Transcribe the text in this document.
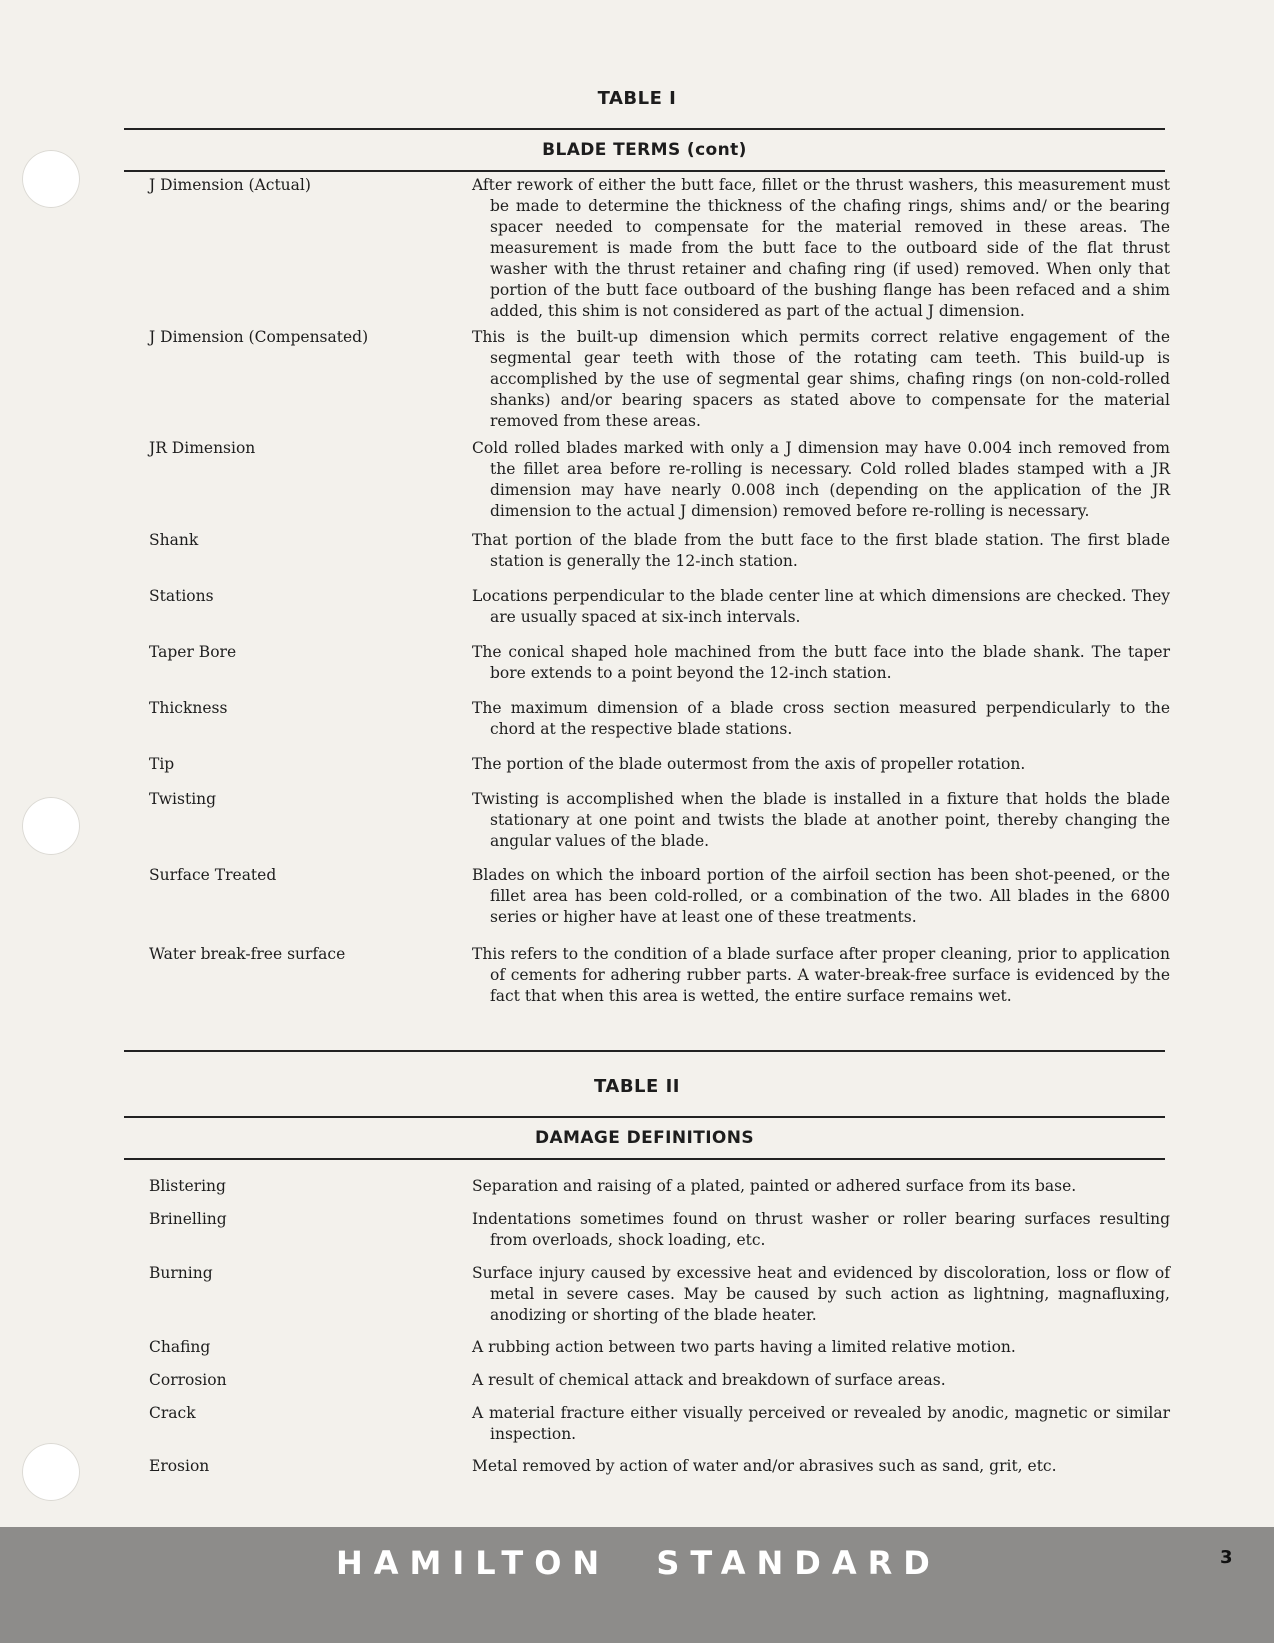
TABLE I
BLADE TERMS (cont)
J Dimension (Actual)	After rework of either the butt face, fillet or the thrust washers, this measurement must be made to determine the thickness of the chafing rings, shims and/ or the bearing spacer needed to compensate for the material removed in these areas. The measurement is made from the butt face to the outboard side of the flat thrust washer with the thrust retainer and chafing ring (if used) removed. When only that portion of the butt face outboard of the bushing flange has been refaced and a shim added, this shim is not considered as part of the actual J dimension.
J Dimension (Compensated)	This is the built-up dimension which permits correct relative engagement of the segmental gear teeth with those of the rotating cam teeth. This build-up is accomplished by the use of segmental gear shims, chafing rings (on non-cold-rolled shanks) and/or bearing spacers as stated above to compensate for the material removed from these areas.
JR Dimension	Cold rolled blades marked with only a J dimension may have 0.004 inch removed from the fillet area before re-rolling is necessary. Cold rolled blades stamped with a JR dimension may have nearly 0.008 inch (depending on the application of the JR dimension to the actual J dimension) removed before re-rolling is necessary.
Shank	That portion of the blade from the butt face to the first blade station. The first blade station is generally the 12-inch station.
Stations	Locations perpendicular to the blade center line at which dimensions are checked. They are usually spaced at six-inch intervals.
Taper Bore	The conical shaped hole machined from the butt face into the blade shank. The taper bore extends to a point beyond the 12-inch station.
Thickness	The maximum dimension of a blade cross section measured perpendicularly to the chord at the respective blade stations.
Tip	The portion of the blade outermost from the axis of propeller rotation.
Twisting	Twisting is accomplished when the blade is installed in a fixture that holds the blade stationary at one point and twists the blade at another point, thereby changing the angular values of the blade.
Surface Treated	Blades on which the inboard portion of the airfoil section has been shot-peened, or the fillet area has been cold-rolled, or a combination of the two. All blades in the 6800 series or higher have at least one of these treatments.
Water break-free surface	This refers to the condition of a blade surface after proper cleaning, prior to application of cements for adhering rubber parts. A water-break-free surface is evidenced by the fact that when this area is wetted, the entire surface remains wet.
TABLE II
DAMAGE DEFINITIONS
Blistering	Separation and raising of a plated, painted or adhered surface from its base.
Brinelling	Indentations sometimes found on thrust washer or roller bearing surfaces resulting from overloads, shock loading, etc.
Burning	Surface injury caused by excessive heat and evidenced by discoloration, loss or flow of metal in severe cases. May be caused by such action as lightning, magnafluxing, anodizing or shorting of the blade heater.
Chafing	A rubbing action between two parts having a limited relative motion.
Corrosion	A result of chemical attack and breakdown of surface areas.
Crack	A material fracture either visually perceived or revealed by anodic, magnetic or similar inspection.
Erosion	Metal removed by action of water and/or abrasives such as sand, grit, etc.
HAMILTON STANDARD	3
